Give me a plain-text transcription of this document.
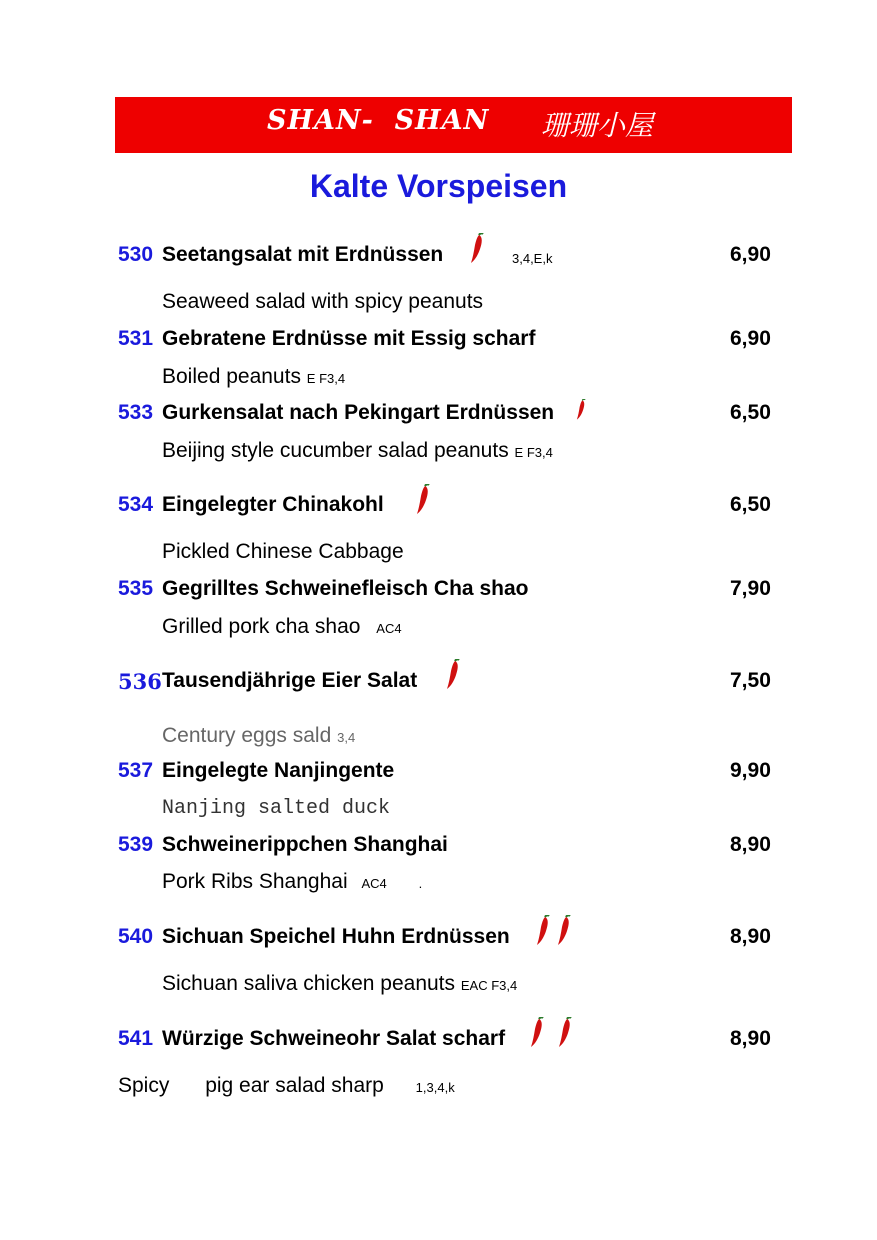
SHAN-  SHAN 珊珊小屋
Kalte Vorspeisen
530 Seetangsalat mit Erdnüssen	3,4,E,k	6,90
Seaweed salad with spicy peanuts
531 Gebratene Erdnüsse mit Essig scharf	6,90
Boiled peanuts E F3,4
533 Gurkensalat nach Pekingart Erdnüssen	6,50
Beijing style cucumber salad peanuts E F3,4
534 Eingelegter Chinakohl	6,50
Pickled Chinese Cabbage
535 Gegrilltes Schweinefleisch Cha shao	7,90
Grilled pork cha shao AC4
536 Tausendjährige Eier Salat	7,50
Century eggs sald 3,4
537 Eingelegte Nanjingente	9,90
Nanjing salted duck
539 Schweinerippchen Shanghai	8,90
Pork Ribs Shanghai AC4 .
540 Sichuan Speichel Huhn Erdnüssen	8,90
Sichuan saliva chicken peanuts EAC F3,4
541 Würzige Schweineohr Salat scharf	8,90
Spicy pig ear salad sharp 1,3,4,k
